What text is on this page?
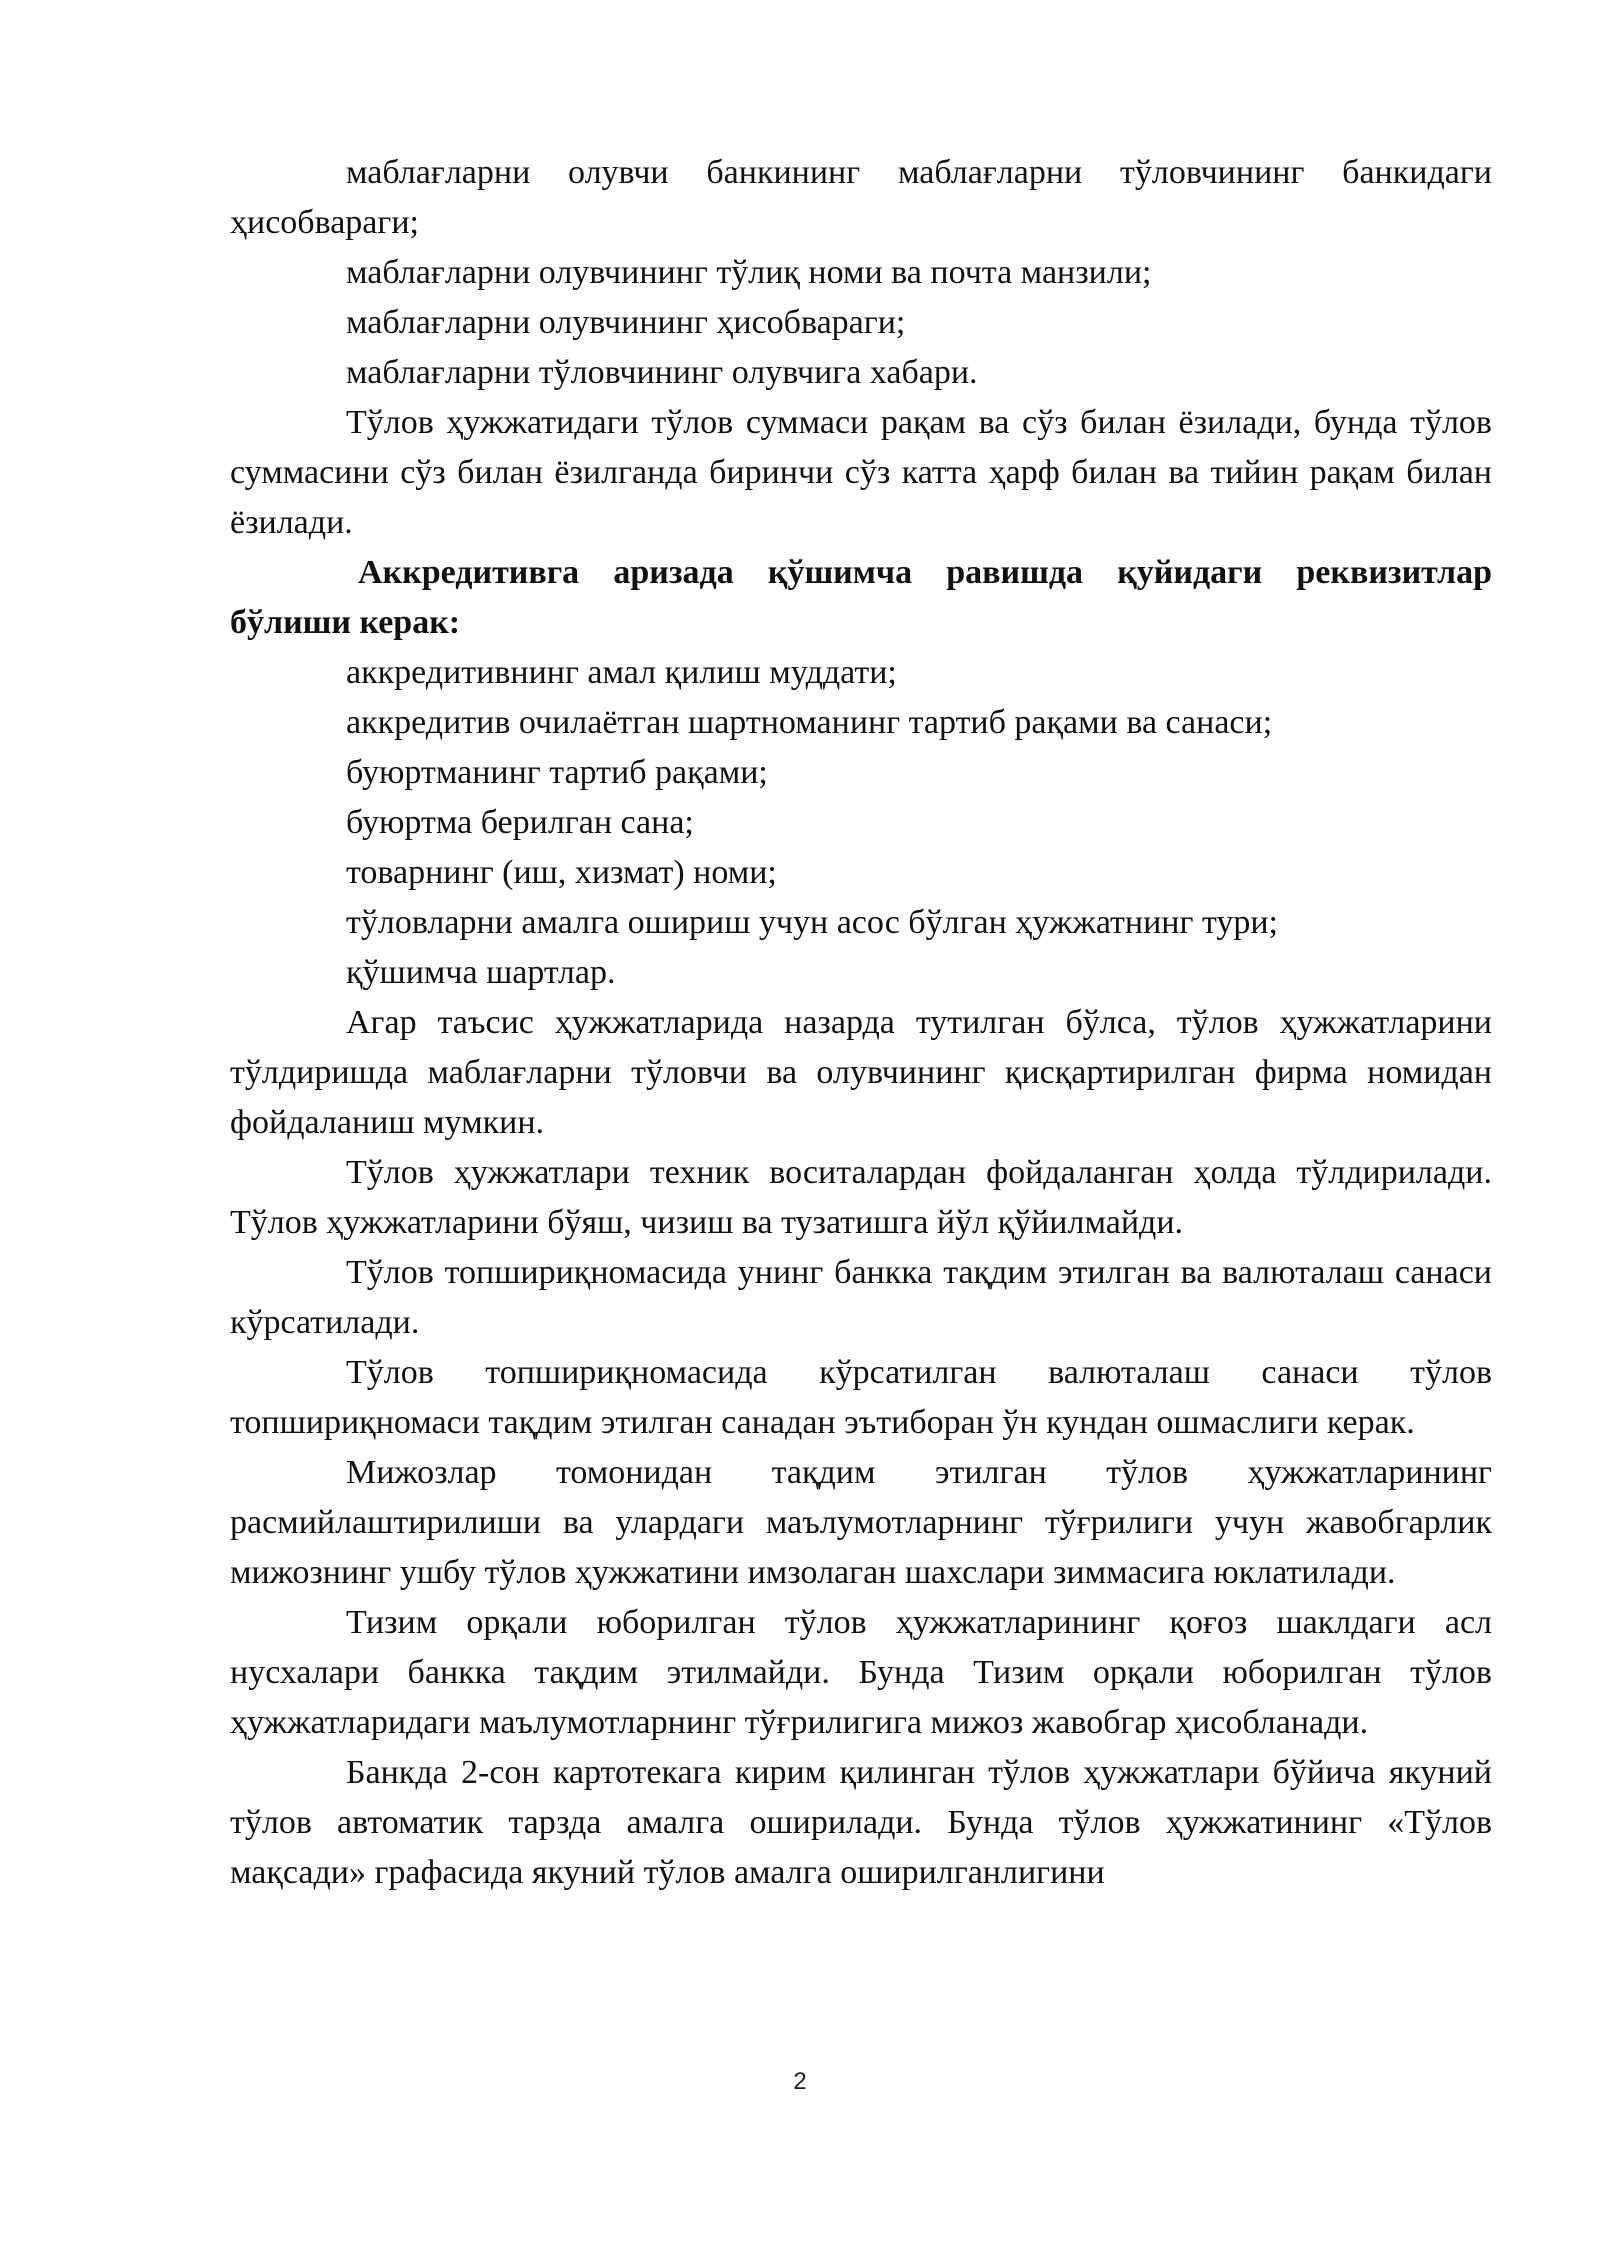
маблағларни олувчи банкининг маблағларни тўловчининг банкидаги ҳисобвараги;

маблағларни олувчининг тўлиқ номи ва почта манзили;

маблағларни олувчининг ҳисобвараги;

маблағларни тўловчининг олувчига хабари.

Тўлов ҳужжатидаги тўлов суммаси рақам ва сўз билан ёзилади, бунда тўлов суммасини сўз билан ёзилганда биринчи сўз катта ҳарф билан ва тийин рақам билан ёзилади.

Аккредитивга аризада қўшимча равишда қуйидаги реквизитлар бўлиши керак:

аккредитивнинг амал қилиш муддати;

аккредитив очилаётган шартноманинг тартиб рақами ва санаси;

буюртманинг тартиб рақами;

буюртма берилган сана;

товарнинг (иш, хизмат) номи;

тўловларни амалга ошириш учун асос бўлган ҳужжатнинг тури;

қўшимча шартлар.

Агар таъсис ҳужжатларида назарда тутилган бўлса, тўлов ҳужжатларини тўлдиришда маблағларни тўловчи ва олувчининг қисқартирилган фирма номидан фойдаланиш мумкин.

Тўлов ҳужжатлари техник воситалардан фойдаланган ҳолда тўлдирилади. Тўлов ҳужжатларини бўяш, чизиш ва тузатишга йўл қўйилмайди.

Тўлов топшириқномасида унинг банкка тақдим этилган ва валюталаш санаси кўрсатилади.

Тўлов топшириқномасида кўрсатилган валюталаш санаси тўлов топшириқномаси тақдим этилган санадан эътиборан ўн кундан ошмаслиги керак.

Мижозлар томонидан тақдим этилган тўлов ҳужжатларининг расмийлаштирилиши ва улардаги маълумотларнинг тўғрилиги учун жавобгарлик мижознинг ушбу тўлов ҳужжатини имзолаган шахслари зиммасига юклатилади.

Тизим орқали юборилган тўлов ҳужжатларининг қоғоз шаклдаги асл нусхалари банкка тақдим этилмайди. Бунда Тизим орқали юборилган тўлов ҳужжатларидаги маълумотларнинг тўғрилигига мижоз жавобгар ҳисобланади.

Банкда 2-сон картотекага кирим қилинган тўлов ҳужжатлари бўйича якуний тўлов автоматик тарзда амалга оширилади. Бунда тўлов ҳужжатининг «Тўлов мақсади» графасида якуний тўлов амалга оширилганлигини

2
